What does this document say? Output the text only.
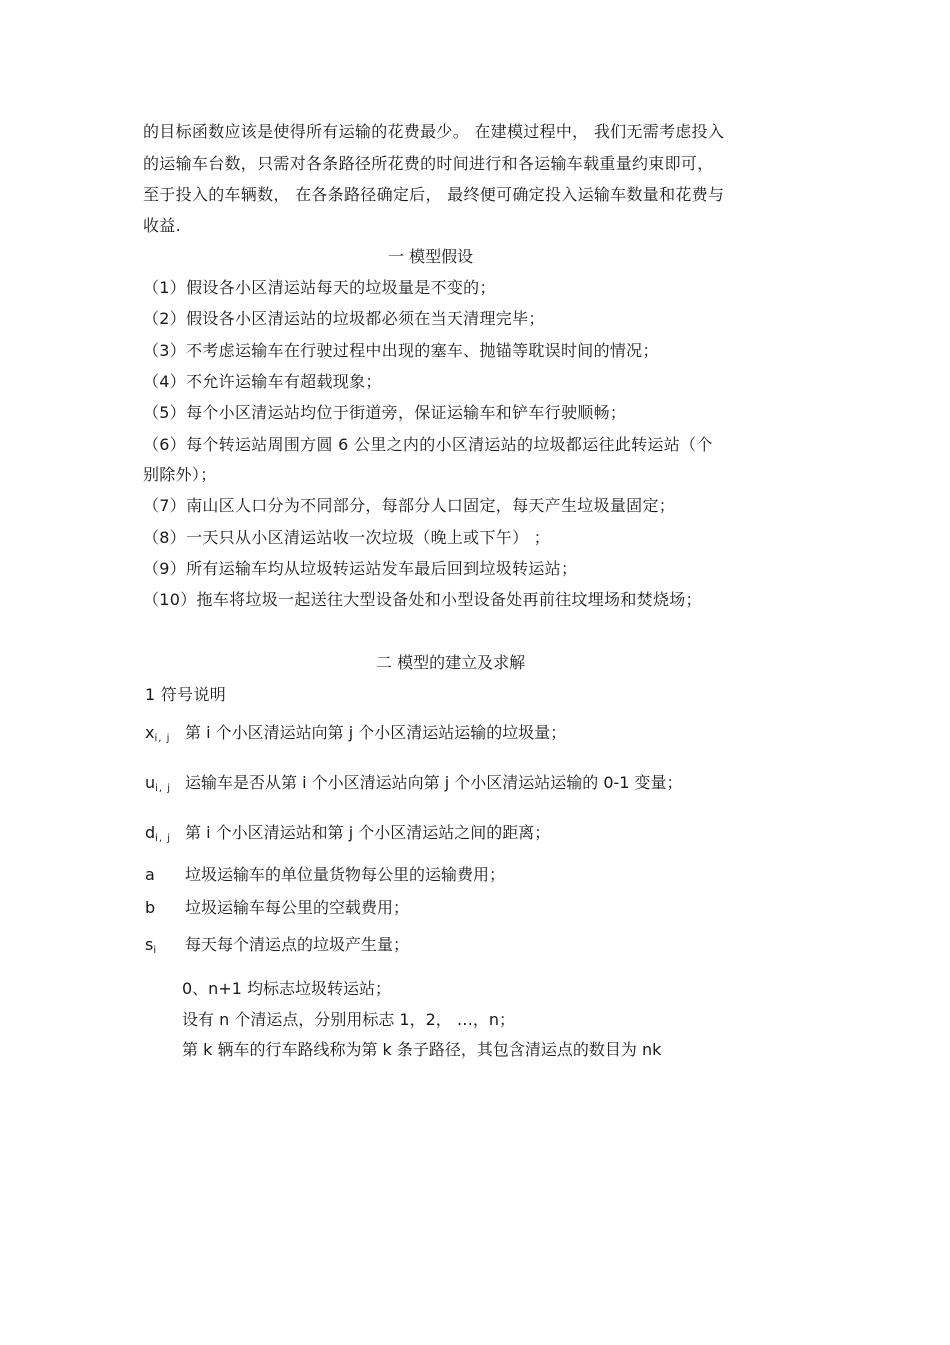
的目标函数应该是使得所有运输的花费最少。 在建模过程中， 我们无需考虑投入
的运输车台数，只需对各条路径所花费的时间进行和各运输车载重量约束即可，
至于投入的车辆数， 在各条路径确定后， 最终便可确定投入运输车数量和花费与
收益.
一 模型假设
（1）假设各小区清运站每天的垃圾量是不变的；
（2）假设各小区清运站的垃圾都必须在当天清理完毕；
（3）不考虑运输车在行驶过程中出现的塞车、抛锚等耽误时间的情况；
（4）不允许运输车有超载现象；
（5）每个小区清运站均位于街道旁，保证运输车和铲车行驶顺畅；
（6）每个转运站周围方圆 6 公里之内的小区清运站的垃圾都运往此转运站（个
别除外）；
（7）南山区人口分为不同部分，每部分人口固定，每天产生垃圾量固定；
（8）一天只从小区清运站收一次垃圾（晚上或下午） ；
（9）所有运输车均从垃圾转运站发车最后回到垃圾转运站；
（10）拖车将垃圾一起送往大型设备处和小型设备处再前往坟埋场和焚烧场；
二 模型的建立及求解
1 符号说明
$x_{i, j}$ 第 i 个小区清运站向第 j 个小区清运站运输的垃圾量；
$u_{i, j}$ 运输车是否从第 i 个小区清运站向第 j 个小区清运站运输的 0-1 变量；
$d_{i, j}$ 第 i 个小区清运站和第 j 个小区清运站之间的距离；
a 垃圾运输车的单位量货物每公里的运输费用；
b 垃圾运输车每公里的空载费用；
$s_i$ 每天每个清运点的垃圾产生量；
0、n+1 均标志垃圾转运站；
设有 n 个清运点，分别用标志 1，2， …，n；
第 k 辆车的行车路线称为第 k 条子路径，其包含清运点的数目为 nk
